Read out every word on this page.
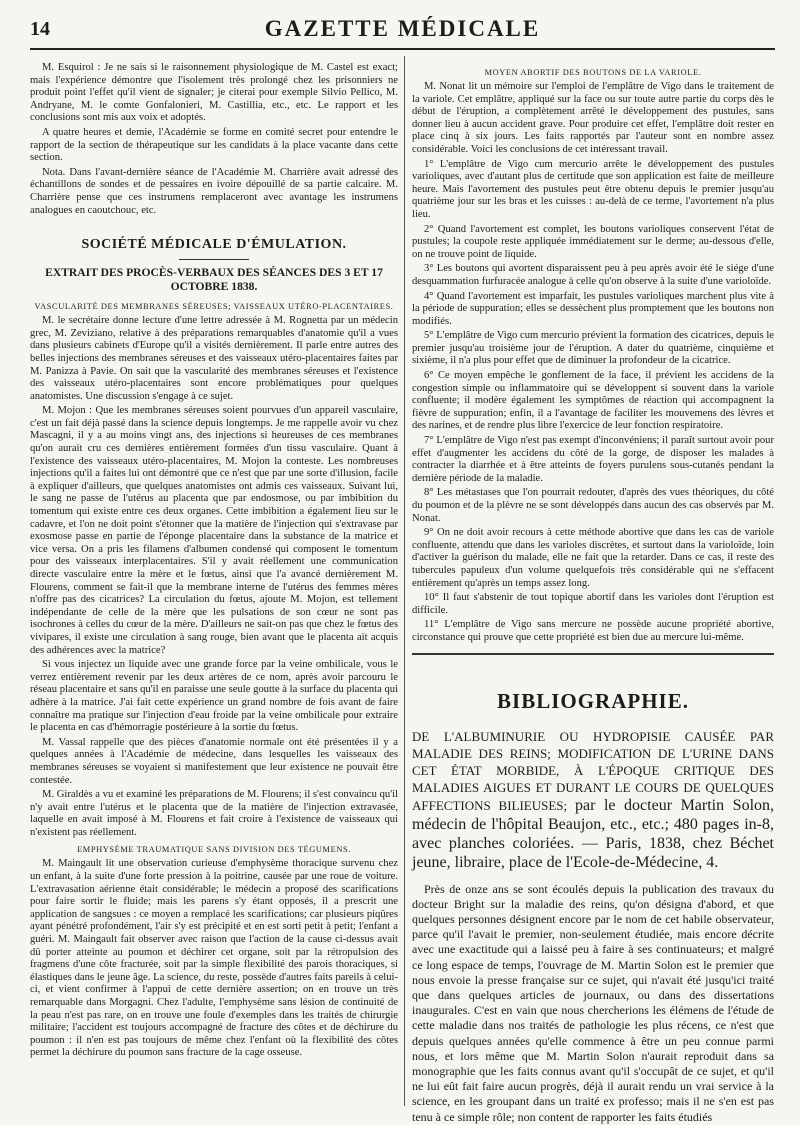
14	GAZETTE MÉDICALE

M. Esquirol : Je ne sais si le raisonnement physiologique de M. Castel est exact; mais l'expérience démontre que l'isolement très prolongé chez les prisonniers ne produit point l'effet qu'il vient de signaler; je citerai pour exemple Silvio Pellico, M. Andryane, M. le comte Gonfalonieri, M. Castillia, etc., etc. Le rapport et les conclusions sont mis aux voix et adoptés.

A quatre heures et demie, l'Académie se forme en comité secret pour entendre le rapport de la section de thérapeutique sur les candidats à la place vacante dans cette section.

Nota. Dans l'avant-dernière séance de l'Académie M. Charrière avait adressé des échantillons de sondes et de pessaires en ivoire dépouillé de sa partie calcaire. M. Charrière pense que ces instrumens remplaceront avec avantage les instrumens analogues en caoutchouc, etc.

SOCIÉTÉ MÉDICALE D'ÉMULATION.
EXTRAIT DES PROCÈS-VERBAUX DES SÉANCES DES 3 ET 17 OCTOBRE 1838.
VASCULARITÉ DES MEMBRANES SÉREUSES; VAISSEAUX UTÉRO-PLACENTAIRES.

M. le secrétaire donne lecture d'une lettre adressée à M. Rognetta par un médecin grec, M. Zeviziano, relative à des préparations remarquables d'anatomie qu'il a vues dans plusieurs cabinets d'Europe qu'il a visités dernièrement. Il parle entre autres des belles injections des membranes séreuses et des vaisseaux utéro-placentaires faites par M. Panizza à Pavie. On sait que la vascularité des membranes séreuses et l'existence des vaisseaux utéro-placentaires sont encore problématiques pour quelques anatomistes. Une discussion s'engage à ce sujet.

M. Mojon : Que les membranes séreuses soient pourvues d'un appareil vasculaire, c'est un fait déjà passé dans la science depuis longtemps. Je me rappelle avoir vu chez Mascagni, il y a au moins vingt ans, des injections si heureuses de ces membranes qu'on aurait cru ces dernières entièrement formées d'un tissu vasculaire. Quant à l'existence des vaisseaux utéro-placentaires, M. Mojon la conteste. Les nombreuses injections qu'il a faites lui ont démontré que ce n'est que par une sorte d'illusion, facile à expliquer d'ailleurs, que quelques anatomistes ont admis ces vaisseaux. Suivant lui, le sang ne passe de l'utérus au placenta que par endosmose, ou par imbibition du tomentum qui existe entre ces deux organes. Cette imbibition a également lieu sur le cadavre, et l'on ne doit point s'étonner que la matière de l'injection qui s'extravase par exosmose passe en partie de l'éponge placentaire dans la substance de la matrice et vice versa. On a pris les filamens d'albumen condensé qui composent le tomentum pour des vaisseaux interplacentaires. S'il y avait réellement une communication directe vasculaire entre la mère et le fœtus, ainsi que l'a avancé dernièrement M. Flourens, comment se fait-il que la membrane interne de l'utérus des femmes mères n'offre pas des cicatrices? La circulation du fœtus, ajoute M. Mojon, est tellement indépendante de celle de la mère que les pulsations de son cœur ne sont pas isochrones à celles du cœur de la mère. D'ailleurs ne sait-on pas que chez le fœtus des vivipares, il existe une circulation à sang rouge, bien avant que le placenta ait acquis des adhérences avec la matrice?

Si vous injectez un liquide avec une grande force par la veine ombilicale, vous le verrez entièrement revenir par les deux artères de ce nom, après avoir parcouru le réseau placentaire et sans qu'il en paraisse une seule goutte à la surface du placenta qui adhère à la matrice. J'ai fait cette expérience un grand nombre de fois avant de faire connaître ma pratique sur l'injection d'eau froide par la veine ombilicale pour extraire le placenta en cas d'hémorragie postérieure à la sortie du fœtus.

M. Vassal rappelle que des pièces d'anatomie normale ont été présentées il y a quelques années à l'Académie de médecine, dans lesquelles les vaisseaux des membranes séreuses se voyaient si manifestement que leur existence ne pouvait être contestée.

M. Giraldès a vu et examiné les préparations de M. Flourens; il s'est convaincu qu'il n'y avait entre l'utérus et le placenta que de la matière de l'injection extravasée, laquelle en avait imposé à M. Flourens et fait croire à l'existence de vaisseaux qui n'existent pas réellement.

EMPHYSÈME TRAUMATIQUE SANS DIVISION DES TÉGUMENS.

M. Maingault lit une observation curieuse d'emphysème thoracique survenu chez un enfant, à la suite d'une forte pression à la poitrine, causée par une roue de voiture. L'extravasation aérienne était considérable; le médecin a proposé des scarifications pour faire sortir le fluide; mais les parens s'y étant opposés, il a prescrit une application de sangsues : ce moyen a remplacé les scarifications; car plusieurs piqûres ayant pénétré profondément, l'air s'y est précipité et en est sorti petit à petit; l'enfant a guéri. M. Maingault fait observer avec raison que l'action de la cause ci-dessus avait dû porter atteinte au poumon et déchirer cet organe, soit par la rétropulsion des fragmens d'une côte fracturée, soit par la simple flexibilité des parois thoraciques, si élastiques dans le jeune âge. La science, du reste, possède d'autres faits pareils à celui-ci, et vient confirmer à l'appui de cette dernière assertion; on en trouve un très remarquable dans Morgagni. Chez l'adulte, l'emphysème sans lésion de continuité de la peau n'est pas rare, on en trouve une foule d'exemples dans les traités de chirurgie militaire; l'accident est toujours accompagné de fracture des côtes et de déchirure du poumon : il n'en est pas toujours de même chez l'enfant où la flexibilité des côtes permet la déchirure du poumon sans fracture de la cage osseuse.

MOYEN ABORTIF DES BOUTONS DE LA VARIOLE.

M. Nonat lit un mémoire sur l'emploi de l'emplâtre de Vigo dans le traitement de la variole. Cet emplâtre, appliqué sur la face ou sur toute autre partie du corps dès le début de l'éruption, a complètement arrêté le développement des pustules, sans donner lieu à aucun accident grave. Pour produire cet effet, l'emplâtre doit rester en place cinq à six jours. Les faits rapportés par l'auteur sont en nombre assez considérable. Voici les conclusions de cet intéressant travail.

1° L'emplâtre de Vigo cum mercurio arrête le développement des pustules varioliques, avec d'autant plus de certitude que son application est faite de meilleure heure. Mais l'avortement des pustules peut être obtenu depuis le premier jusqu'au quatrième jour sur les bras et les cuisses : au-delà de ce terme, l'avortement n'a plus lieu.

2° Quand l'avortement est complet, les boutons varioliques conservent l'état de pustules; la coupole reste appliquée immédiatement sur le derme; au-dessous d'elle, on ne trouve point de liquide.

3° Les boutons qui avortent disparaissent peu à peu après avoir été le siége d'une desquammation furfuracée analogue à celle qu'on observe à la suite d'une varioloïde.

4° Quand l'avortement est imparfait, les pustules varioliques marchent plus vite à la période de suppuration; elles se dessèchent plus promptement que les boutons non modifiés.

5° L'emplâtre de Vigo cum mercurio prévient la formation des cicatrices, depuis le premier jusqu'au troisième jour de l'éruption. A dater du quatrième, cinquième et sixième, il n'a plus pour effet que de diminuer la profondeur de la cicatrice.

6° Ce moyen empêche le gonflement de la face, il prévient les accidens de la congestion simple ou inflammatoire qui se développent si souvent dans la variole confluente; il modère également les symptômes de réaction qui accompagnent la fièvre de suppuration; enfin, il a l'avantage de faciliter les mouvemens des lèvres et des narines, et de rendre plus libre l'exercice de leur fonction respiratoire.

7° L'emplâtre de Vigo n'est pas exempt d'inconvéniens; il paraît surtout avoir pour effet d'augmenter les accidens du côté de la gorge, de disposer les malades à contracter la diarrhée et à être atteints de foyers purulens sous-cutanés pendant la dernière période de la maladie.

8° Les métastases que l'on pourrait redouter, d'après des vues théoriques, du côté du poumon et de la plèvre ne se sont développés dans aucun des cas observés par M. Nonat.

9° On ne doit avoir recours à cette méthode abortive que dans les cas de variole confluente, attendu que dans les varioles discrètes, et surtout dans la varioloïde, loin d'activer la guérison du malade, elle ne fait que la retarder. Dans ce cas, il reste des tubercules papuleux d'un volume quelquefois très considérable qui ne s'effacent entièrement qu'après un temps assez long.

10° Il faut s'abstenir de tout topique abortif dans les varioles dont l'éruption est difficile.

11° L'emplâtre de Vigo sans mercure ne possède aucune propriété abortive, circonstance qui prouve que cette propriété est bien due au mercure lui-même.

BIBLIOGRAPHIE.
DE L'ALBUMINURIE OU HYDROPISIE CAUSÉE PAR MALADIE DES REINS; MODIFICATION DE L'URINE DANS CET ÉTAT MORBIDE, À L'ÉPOQUE CRITIQUE DES MALADIES AIGUES ET DURANT LE COURS DE QUELQUES AFFECTIONS BILIEUSES; par le docteur Martin Solon, médecin de l'hôpital Beaujon, etc., etc.; 480 pages in-8, avec planches coloriées. — Paris, 1838, chez Béchet jeune, libraire, place de l'Ecole-de-Médecine, 4.

Près de onze ans se sont écoulés depuis la publication des travaux du docteur Bright sur la maladie des reins, qu'on désigna d'abord, et que quelques personnes désignent encore par le nom de cet habile observateur, parce qu'il l'avait le premier, non-seulement étudiée, mais encore décrite avec une exactitude qui a laissé peu à faire à ses continuateurs; et malgré ce long espace de temps, l'ouvrage de M. Martin Solon est le premier que nous envoie la presse française sur ce sujet, qui n'avait été jusqu'ici traité que dans quelques articles de journaux, ou dans des dissertations inaugurales. C'est en vain que nous chercherions les élémens de l'étude de cette maladie dans nos traités de pathologie les plus récens, ce n'est que depuis quelques années qu'elle commence à être un peu connue parmi nous, et lors même que M. Martin Solon n'aurait reproduit dans sa monographie que les faits connus avant qu'il s'occupât de ce sujet, et qu'il ne lui eût fait faire aucun progrès, déjà il aurait rendu un vrai service à la science, en les groupant dans un traité ex professo; mais il ne s'en est pas tenu à ce simple rôle; non content de rapporter les faits étudiés
